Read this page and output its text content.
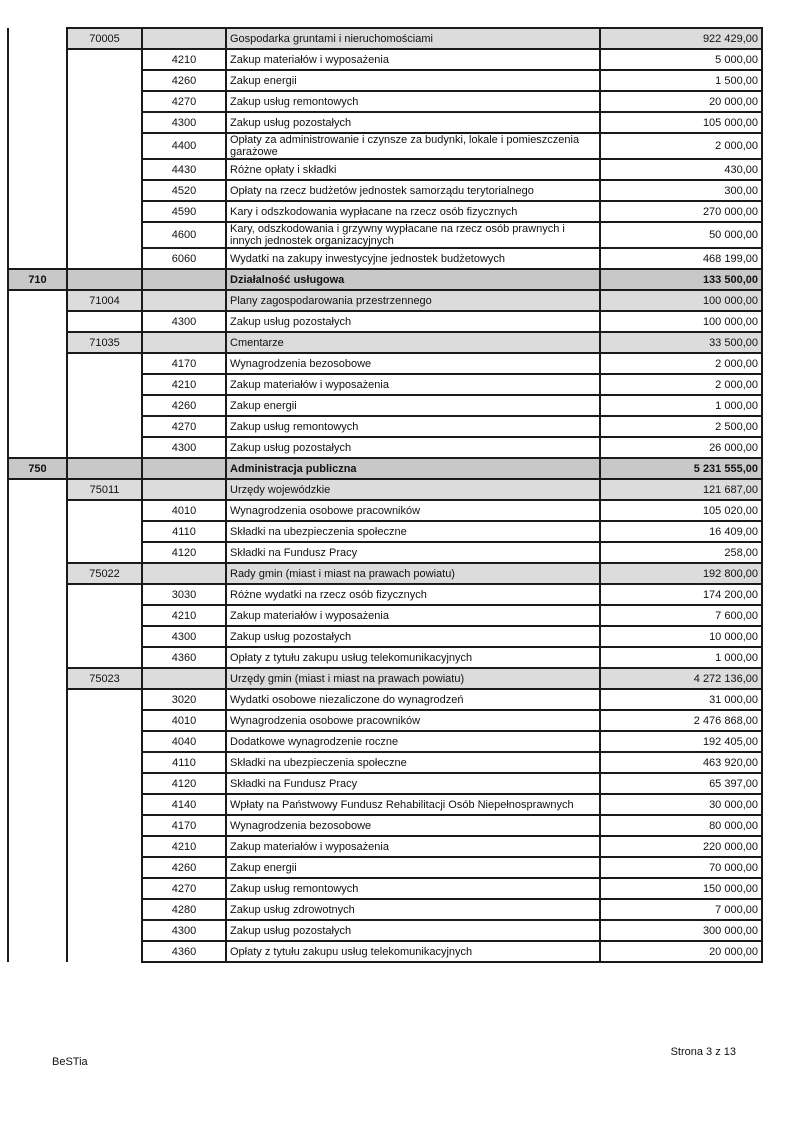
	70005		Gospodarka gruntami i nieruchomościami	922 429,00
		4210	Zakup materiałów i wyposażenia	5 000,00
		4260	Zakup energii	1 500,00
		4270	Zakup usług remontowych	20 000,00
		4300	Zakup usług pozostałych	105 000,00
		4400	Opłaty za administrowanie i czynsze za budynki, lokale i pomieszczenia garażowe	2 000,00
		4430	Różne opłaty i składki	430,00
		4520	Opłaty na rzecz budżetów jednostek samorządu terytorialnego	300,00
		4590	Kary i odszkodowania wypłacane na rzecz osób fizycznych	270 000,00
		4600	Kary, odszkodowania i grzywny wypłacane na rzecz osób prawnych i innych jednostek organizacyjnych	50 000,00
		6060	Wydatki na zakupy inwestycyjne jednostek budżetowych	468 199,00
710			Działalność usługowa	133 500,00
	71004		Plany zagospodarowania przestrzennego	100 000,00
		4300	Zakup usług pozostałych	100 000,00
	71035		Cmentarze	33 500,00
		4170	Wynagrodzenia bezosobowe	2 000,00
		4210	Zakup materiałów i wyposażenia	2 000,00
		4260	Zakup energii	1 000,00
		4270	Zakup usług remontowych	2 500,00
		4300	Zakup usług pozostałych	26 000,00
750			Administracja publiczna	5 231 555,00
	75011		Urzędy wojewódzkie	121 687,00
		4010	Wynagrodzenia osobowe pracowników	105 020,00
		4110	Składki na ubezpieczenia społeczne	16 409,00
		4120	Składki na Fundusz Pracy	258,00
	75022		Rady gmin (miast i miast na prawach powiatu)	192 800,00
		3030	Różne wydatki na rzecz osób fizycznych	174 200,00
		4210	Zakup materiałów i wyposażenia	7 600,00
		4300	Zakup usług pozostałych	10 000,00
		4360	Opłaty z tytułu zakupu usług telekomunikacyjnych	1 000,00
	75023		Urzędy gmin (miast i miast na prawach powiatu)	4 272 136,00
		3020	Wydatki osobowe niezaliczone do wynagrodzeń	31 000,00
		4010	Wynagrodzenia osobowe pracowników	2 476 868,00
		4040	Dodatkowe wynagrodzenie roczne	192 405,00
		4110	Składki na ubezpieczenia społeczne	463 920,00
		4120	Składki na Fundusz Pracy	65 397,00
		4140	Wpłaty na Państwowy Fundusz Rehabilitacji Osób Niepełnosprawnych	30 000,00
		4170	Wynagrodzenia bezosobowe	80 000,00
		4210	Zakup materiałów i wyposażenia	220 000,00
		4260	Zakup energii	70 000,00
		4270	Zakup usług remontowych	150 000,00
		4280	Zakup usług zdrowotnych	7 000,00
		4300	Zakup usług pozostałych	300 000,00
		4360	Opłaty z tytułu zakupu usług telekomunikacyjnych	20 000,00
Strona 3 z 13
BeSTia
